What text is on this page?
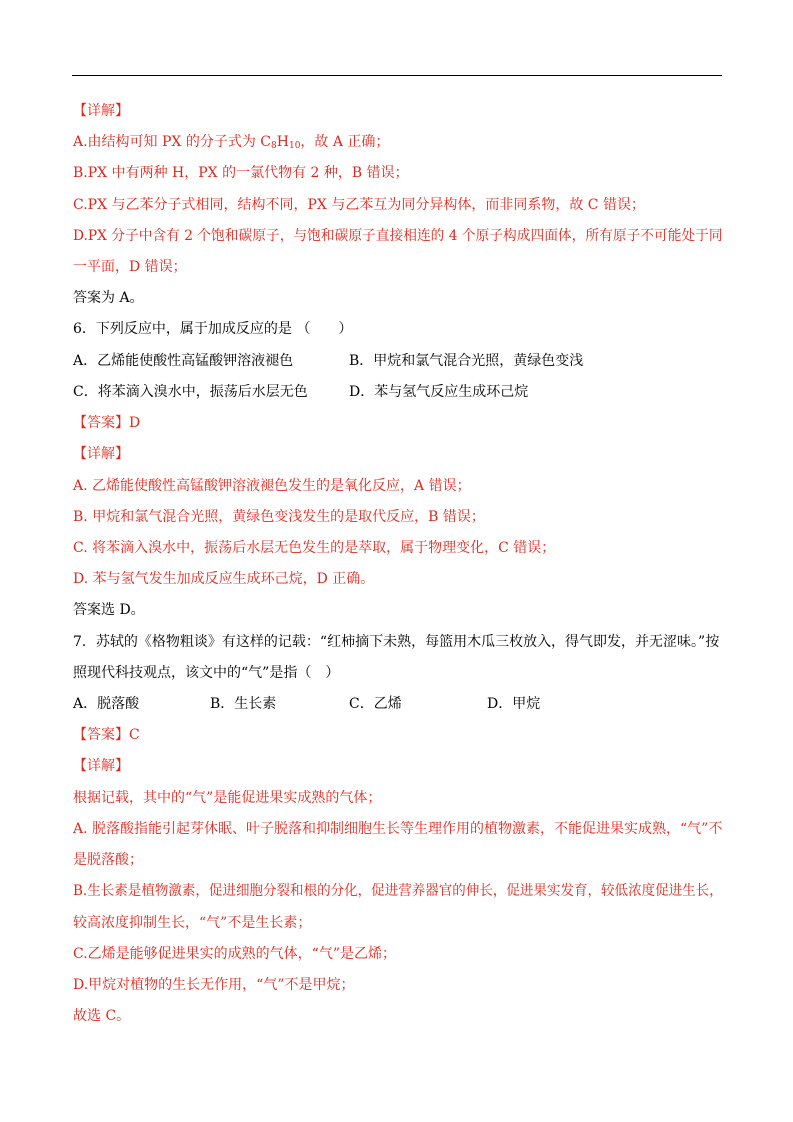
【详解】
A.由结构可知 PX 的分子式为 $C_8H_{10}$，故 A 正确；
B.PX 中有两种 H，PX 的一氯代物有 2 种，B 错误；
C.PX 与乙苯分子式相同，结构不同，PX 与乙苯互为同分异构体，而非同系物，故 C 错误；
D.PX 分子中含有 2 个饱和碳原子，与饱和碳原子直接相连的 4 个原子构成四面体，所有原子不可能处于同
一平面，D 错误；
答案为 A。
6．下列反应中，属于加成反应的是 （　　）
A．乙烯能使酸性高锰酸钾溶液褪色	B．甲烷和氯气混合光照，黄绿色变浅
C．将苯滴入溴水中，振荡后水层无色	D．苯与氢气反应生成环己烷
【答案】D
【详解】
A. 乙烯能使酸性高锰酸钾溶液褪色发生的是氧化反应，A 错误；
B. 甲烷和氯气混合光照，黄绿色变浅发生的是取代反应，B 错误；
C. 将苯滴入溴水中，振荡后水层无色发生的是萃取，属于物理变化，C 错误；
D. 苯与氢气发生加成反应生成环己烷，D 正确。
答案选 D。
7．苏轼的《格物粗谈》有这样的记载：“红柿摘下未熟，每篮用木瓜三枚放入，得气即发，并无涩味。”按
照现代科技观点，该文中的“气”是指（　）
A．脱落酸	B．生长素	C．乙烯	D．甲烷
【答案】C
【详解】
根据记载，其中的“气”是能促进果实成熟的气体；
A. 脱落酸指能引起芽休眠、叶子脱落和抑制细胞生长等生理作用的植物激素，不能促进果实成熟，“气”不
是脱落酸；
B.生长素是植物激素，促进细胞分裂和根的分化，促进营养器官的伸长，促进果实发育，较低浓度促进生长，
较高浓度抑制生长，“气”不是生长素；
C.乙烯是能够促进果实的成熟的气体，“气”是乙烯；
D.甲烷对植物的生长无作用，“气”不是甲烷；
故选 C。
